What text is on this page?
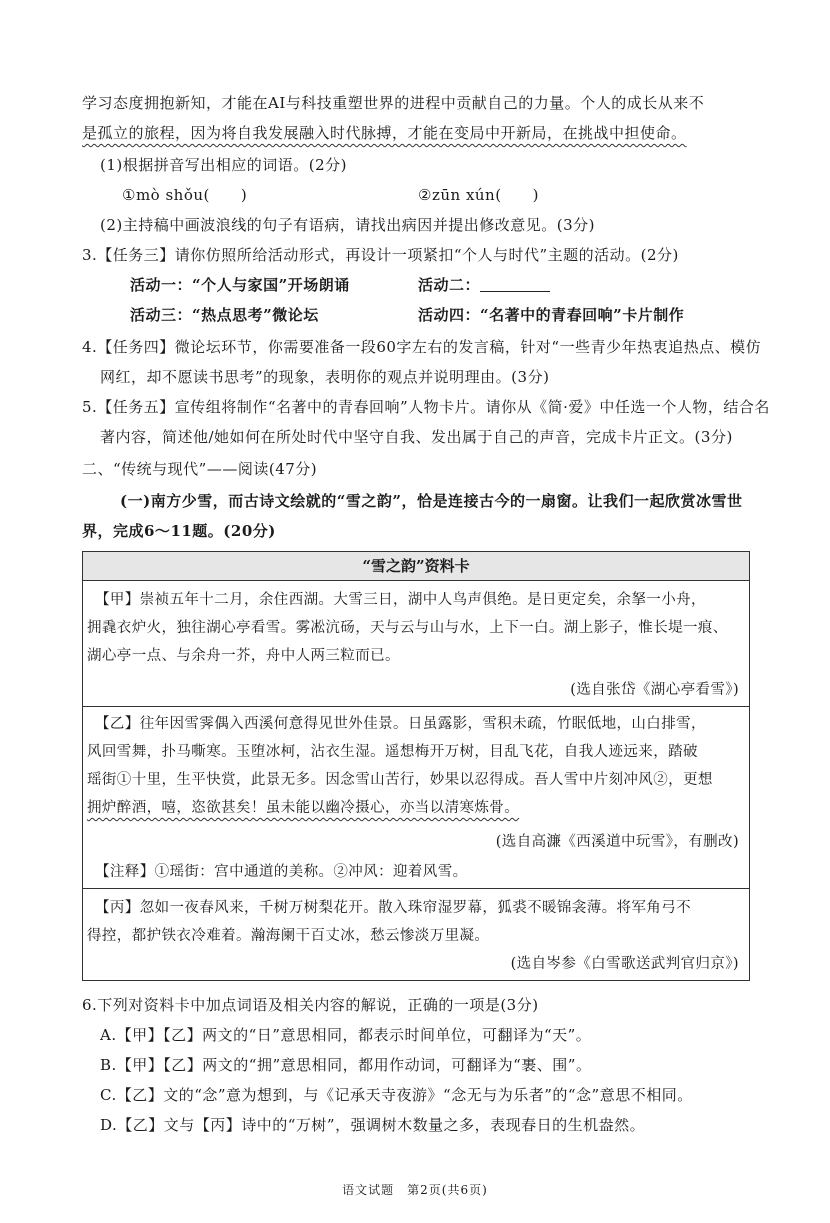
学习态度拥抱新知，才能在AI与科技重塑世界的进程中贡献自己的力量。个人的成长从来不
是孤立的旅程，因为将自我发展融入时代脉搏，才能在变局中开新局，在挑战中担使命。
(1)根据拼音写出相应的词语。(2分)
①mò shǒu(　　)	②zūn xún(　　)
(2)主持稿中画波浪线的句子有语病，请找出病因并提出修改意见。(3分)
3.【任务三】请你仿照所给活动形式，再设计一项紧扣“个人与时代”主题的活动。(2分)
活动一：“个人与家国”开场朗诵	活动二：
活动三：“热点思考”微论坛	活动四：“名著中的青春回响”卡片制作
4.【任务四】微论坛环节，你需要准备一段60字左右的发言稿，针对“一些青少年热衷追热点、模仿
网红，却不愿读书思考”的现象，表明你的观点并说明理由。(3分)
5.【任务五】宣传组将制作“名著中的青春回响”人物卡片。请你从《简·爱》中任选一个人物，结合名
著内容，简述他/她如何在所处时代中坚守自我、发出属于自己的声音，完成卡片正文。(3分)
二、“传统与现代”——阅读(47分)
(一)南方少雪，而古诗文绘就的“雪之韵”，恰是连接古今的一扇窗。让我们一起欣赏冰雪世
界，完成6～11题。(20分)
“雪之韵”资料卡
【甲】崇祯五年十二月，余住西湖。大雪三日，湖中人鸟声俱绝。是日更定矣，余拏一小舟，
拥毳衣炉火，独往湖心亭看雪。雾凇沆砀，天与云与山与水，上下一白。湖上影子，惟长堤一痕、
湖心亭一点、与余舟一芥，舟中人两三粒而已。
(选自张岱《湖心亭看雪》)
【乙】往年因雪霁偶入西溪何意得见世外佳景。日虽露影，雪积未疏，竹眠低地，山白排雪，
风回雪舞，扑马嘶寒。玉堕冰柯，沾衣生湿。遥想梅开万树，目乱飞花，自我人迹远来，踏破
瑶街①十里，生平快赏，此景无多。因念雪山苦行，妙果以忍得成。吾人雪中片刻冲风②，更想
拥炉醉酒，嘻，恣欲甚矣！虽未能以幽冷摄心，亦当以清寒炼骨。
(选自高濂《西溪道中玩雪》，有删改)
【注释】①瑶街：宫中通道的美称。②冲风：迎着风雪。
【丙】忽如一夜春风来，千树万树梨花开。散入珠帘湿罗幕，狐裘不暖锦衾薄。将军角弓不
得控，都护铁衣冷难着。瀚海阑干百丈冰，愁云惨淡万里凝。
(选自岑参《白雪歌送武判官归京》)
6.下列对资料卡中加点词语及相关内容的解说，正确的一项是(3分)
A.【甲】【乙】两文的“日”意思相同，都表示时间单位，可翻译为“天”。
B.【甲】【乙】两文的“拥”意思相同，都用作动词，可翻译为“裹、围”。
C.【乙】文的“念”意为想到，与《记承天寺夜游》“念无与为乐者”的“念”意思不相同。
D.【乙】文与【丙】诗中的“万树”，强调树木数量之多，表现春日的生机盎然。
语文试题　第2页(共6页)
